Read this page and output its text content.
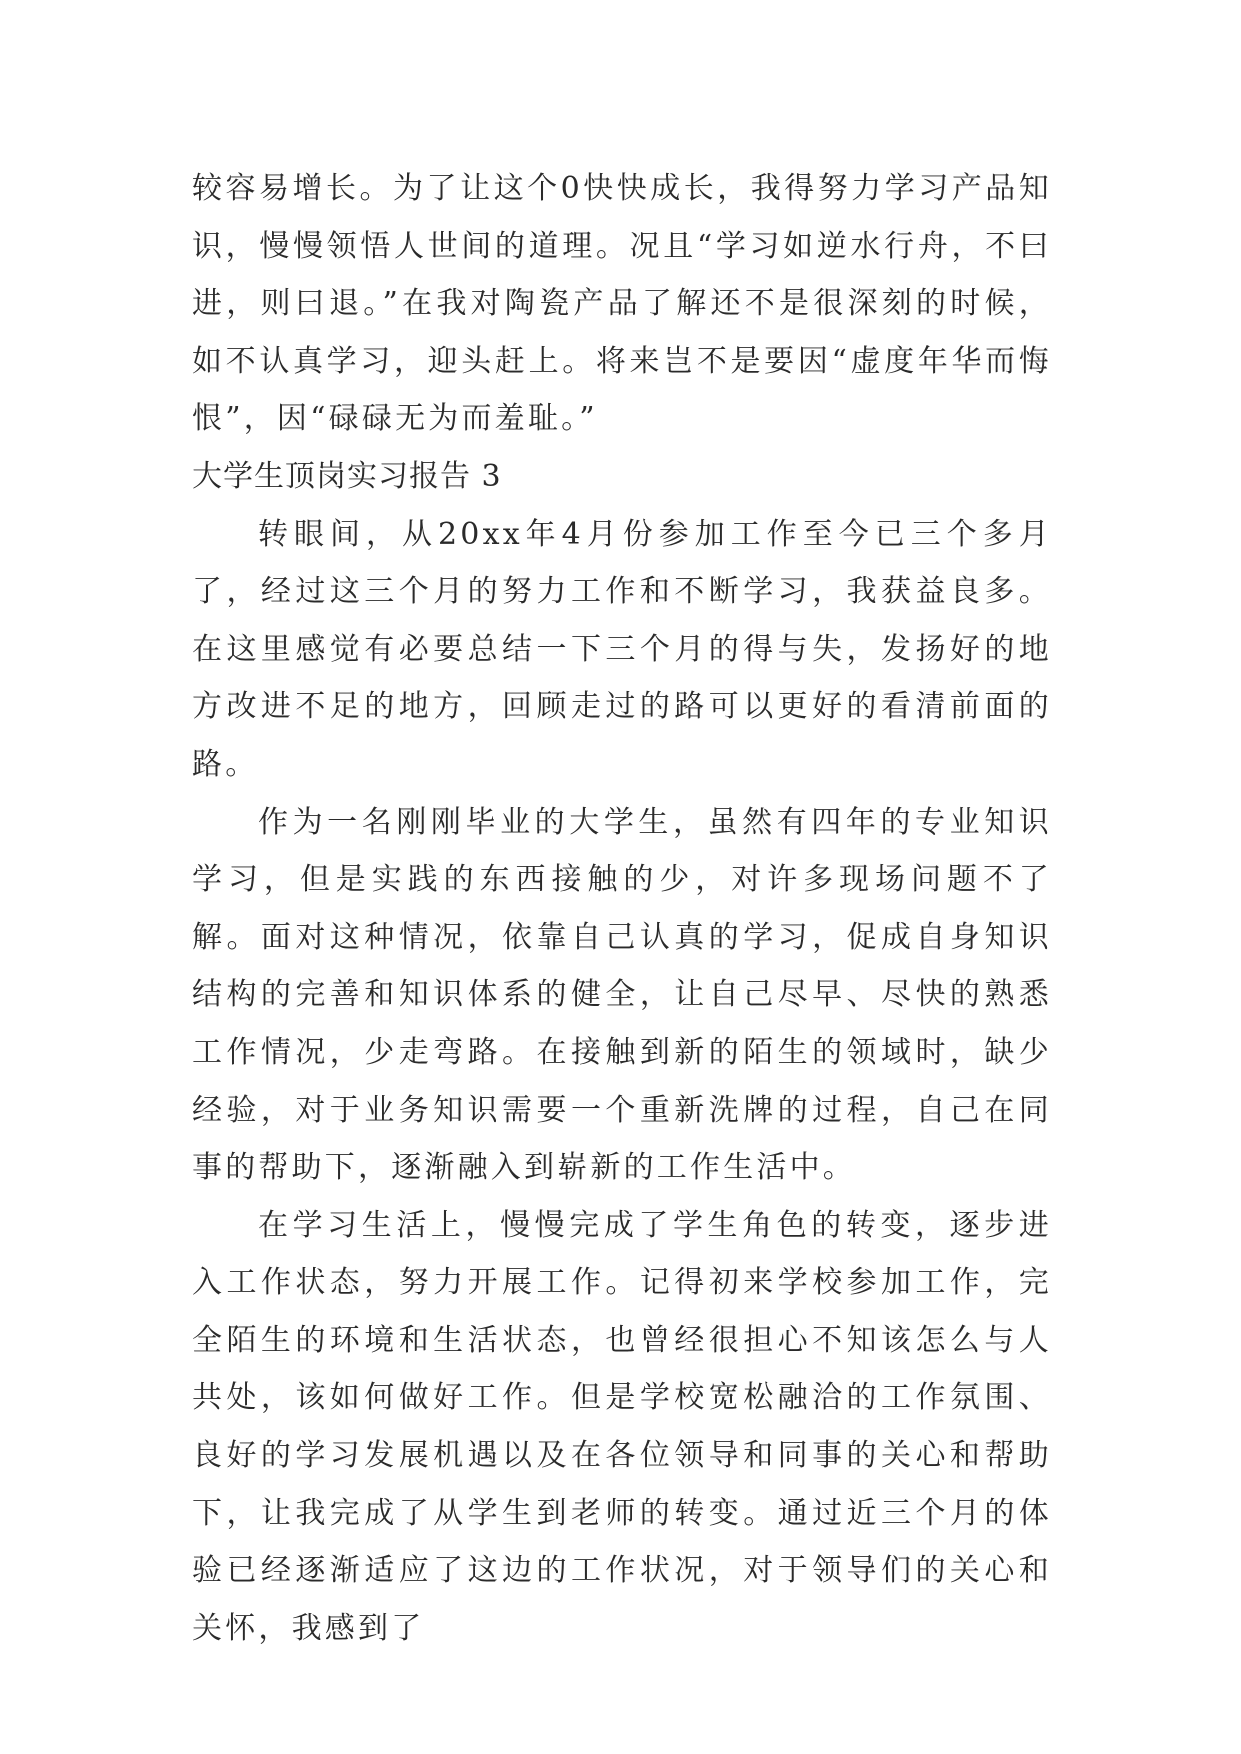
较容易增长。为了让这个0快快成长，我得努力学习产品知识，慢慢领悟人世间的道理。况且“学习如逆水行舟，不曰进，则曰退。”在我对陶瓷产品了解还不是很深刻的时候，如不认真学习，迎头赶上。将来岂不是要因“虚度年华而悔恨”，因“碌碌无为而羞耻。”

大学生顶岗实习报告 3

转眼间，从20xx年4月份参加工作至今已三个多月了，经过这三个月的努力工作和不断学习，我获益良多。在这里感觉有必要总结一下三个月的得与失，发扬好的地方改进不足的地方，回顾走过的路可以更好的看清前面的路。

作为一名刚刚毕业的大学生，虽然有四年的专业知识学习，但是实践的东西接触的少，对许多现场问题不了解。面对这种情况，依靠自己认真的学习，促成自身知识结构的完善和知识体系的健全，让自己尽早、尽快的熟悉工作情况，少走弯路。在接触到新的陌生的领域时，缺少经验，对于业务知识需要一个重新洗牌的过程，自己在同事的帮助下，逐渐融入到崭新的工作生活中。

在学习生活上，慢慢完成了学生角色的转变，逐步进入工作状态，努力开展工作。记得初来学校参加工作，完全陌生的环境和生活状态，也曾经很担心不知该怎么与人共处，该如何做好工作。但是学校宽松融洽的工作氛围、良好的学习发展机遇以及在各位领导和同事的关心和帮助下，让我完成了从学生到老师的转变。通过近三个月的体验已经逐渐适应了这边的工作状况，对于领导们的关心和关怀，我感到了
